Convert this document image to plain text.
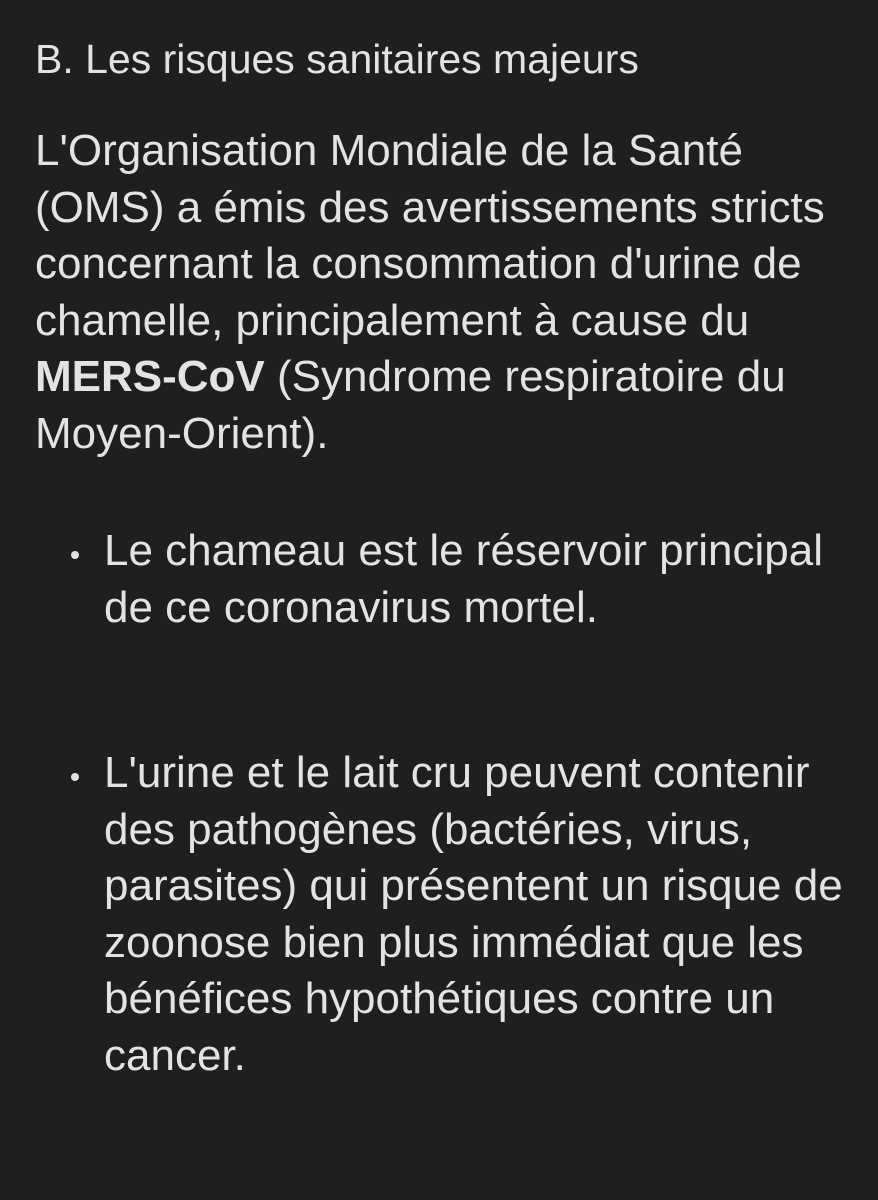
B. Les risques sanitaires majeurs

L'Organisation Mondiale de la Santé (OMS) a émis des avertissements stricts concernant la consommation d'urine de chamelle, principalement à cause du MERS-CoV (Syndrome respiratoire du Moyen-Orient).

Le chameau est le réservoir principal de ce coronavirus mortel.
L'urine et le lait cru peuvent contenir des pathogènes (bactéries, virus, parasites) qui présentent un risque de zoonose bien plus immédiat que les bénéfices hypothétiques contre un cancer.
